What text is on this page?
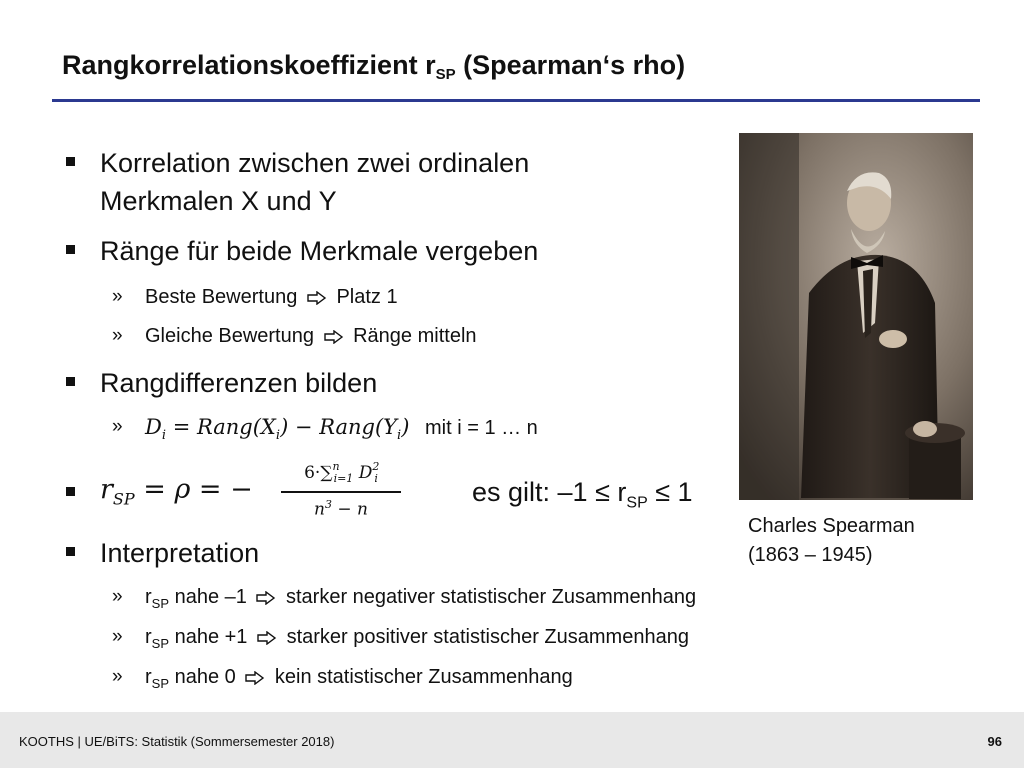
Rangkorrelationskoeffizient $r_{SP}$ (Spearman‘s rho)
Korrelation zwischen zwei ordinalen
Merkmalen X und Y
Ränge für beide Merkmale vergeben
» Beste Bewertung Platz 1
» Gleiche Bewertung Ränge mitteln
Rangdifferenzen bilden
» $D_i$ = $Rang(X_i)$ − $Rang(Y_i)$ mit i = 1 … n
$r_{SP} = \rho$ = −
6·∑$^n_{i=1}$ $D^2_i$
$n^3 - n$
es gilt: $-1 \le r_{SP} \le 1$
Interpretation
» $r_{SP}$ nahe –1 starker negativer statistischer Zusammenhang
» $r_{SP}$ nahe +1 starker positiver statistischer Zusammenhang
» $r_{SP}$ nahe 0 kein statistischer Zusammenhang
Charles Spearman
(1863 – 1945)
KOOTHS | UE/BiTS: Statistik (Sommersemester 2018)	96
